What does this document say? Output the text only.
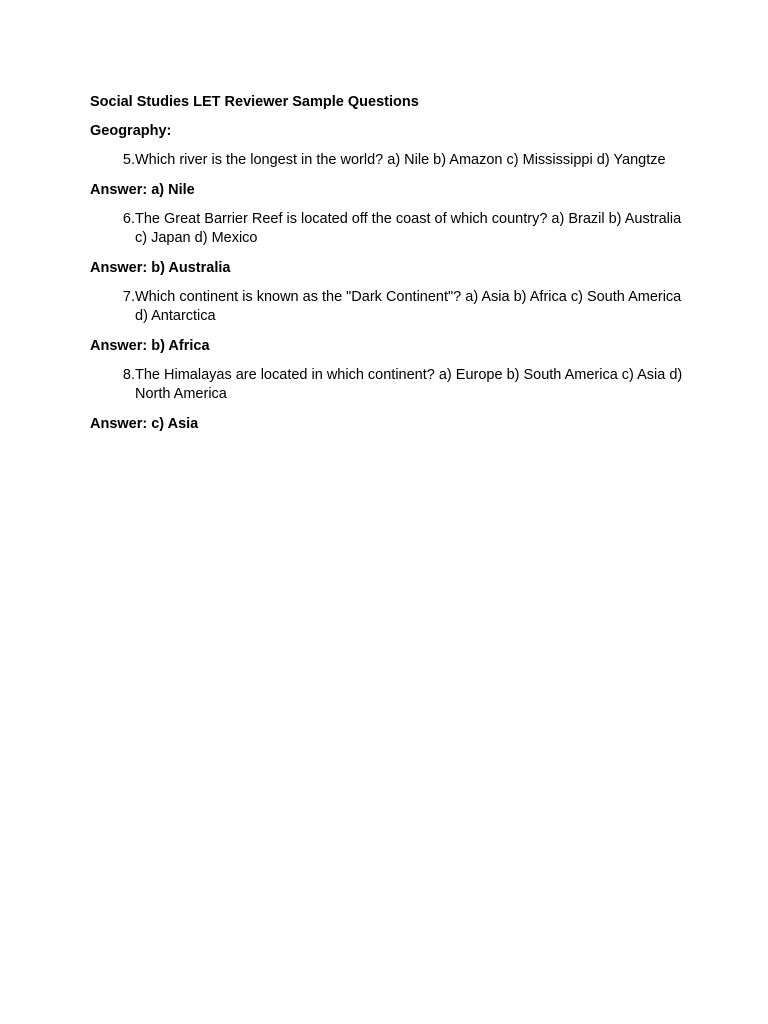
Social Studies LET Reviewer Sample Questions
Geography:
5. Which river is the longest in the world? a) Nile b) Amazon c) Mississippi d) Yangtze
Answer: a) Nile
6. The Great Barrier Reef is located off the coast of which country? a) Brazil b) Australia c) Japan d) Mexico
Answer: b) Australia
7. Which continent is known as the "Dark Continent"? a) Asia b) Africa c) South America d) Antarctica
Answer: b) Africa
8. The Himalayas are located in which continent? a) Europe b) South America c) Asia d) North America
Answer: c) Asia
